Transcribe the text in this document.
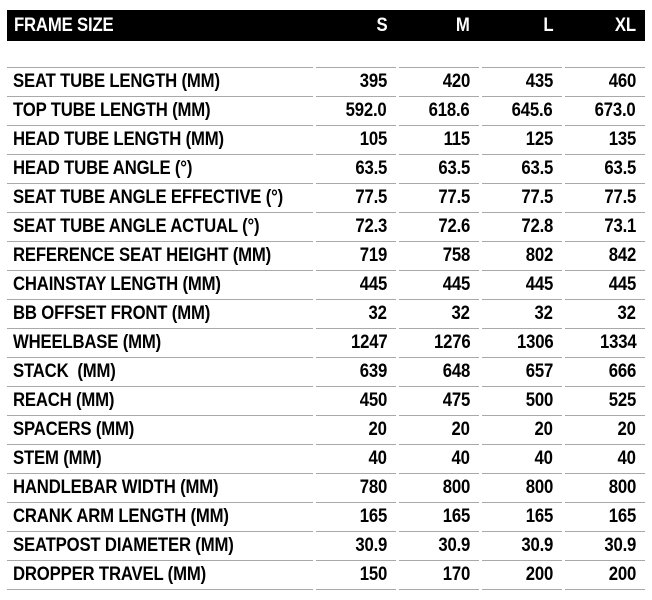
FRAME SIZE	S	M	L	XL
SEAT TUBE LENGTH (MM)	395	420	435	460
TOP TUBE LENGTH (MM)	592.0 618.6 645.6 673.0
HEAD TUBE LENGTH (MM)	105	115	125	135
HEAD TUBE ANGLE (°)	63.5	63.5	63.5	63.5
SEAT TUBE ANGLE EFFECTIVE (°)	77.5	77.5	77.5	77.5
SEAT TUBE ANGLE ACTUAL (°)	72.3	72.6	72.8	73.1
REFERENCE SEAT HEIGHT (MM)	719	758	802	842
CHAINSTAY LENGTH (MM)	445	445	445	445
BB OFFSET FRONT (MM)	32	32	32	32
WHEELBASE (MM)	1247 1276 1306 1334
STACK  (MM)	639	648	657	666
REACH (MM)	450	475	500	525
SPACERS (MM)	20	20	20	20
STEM (MM)	40	40	40	40
HANDLEBAR WIDTH (MM)	780	800	800	800
CRANK ARM LENGTH (MM)	165	165	165	165
SEATPOST DIAMETER (MM)	30.9	30.9	30.9	30.9
DROPPER TRAVEL (MM)	150	170	200	200
